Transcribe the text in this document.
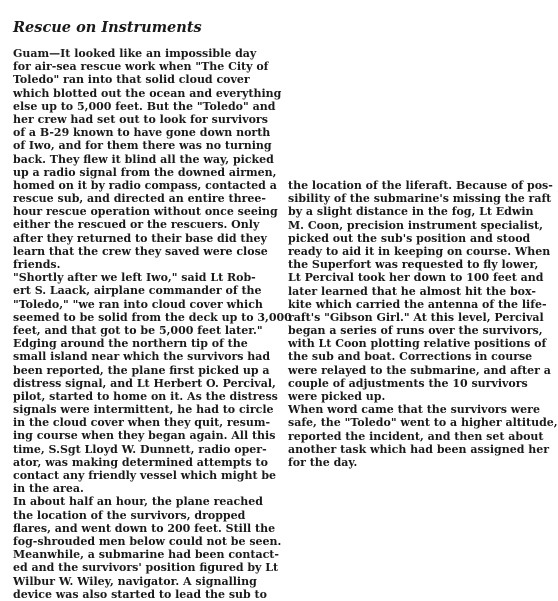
Rescue on Instruments
Guam—It looked like an impossible day
for air-sea rescue work when "The City of
Toledo" ran into that solid cloud cover
which blotted out the ocean and everything
else up to 5,000 feet. But the "Toledo" and
her crew had set out to look for survivors
of a B-29 known to have gone down north
of Iwo, and for them there was no turning
back. They flew it blind all the way, picked
up a radio signal from the downed airmen,
homed on it by radio compass, contacted a
rescue sub, and directed an entire three-
hour rescue operation without once seeing
either the rescued or the rescuers. Only
after they returned to their base did they
learn that the crew they saved were close
friends.
"Shortly after we left Iwo," said Lt Rob-
ert S. Laack, airplane commander of the
"Toledo," "we ran into cloud cover which
seemed to be solid from the deck up to 3,000
feet, and that got to be 5,000 feet later."
Edging around the northern tip of the
small island near which the survivors had
been reported, the plane first picked up a
distress signal, and Lt Herbert O. Percival,
pilot, started to home on it. As the distress
signals were intermittent, he had to circle
in the cloud cover when they quit, resum-
ing course when they began again. All this
time, S.Sgt Lloyd W. Dunnett, radio oper-
ator, was making determined attempts to
contact any friendly vessel which might be
in the area.
In about half an hour, the plane reached
the location of the survivors, dropped
flares, and went down to 200 feet. Still the
fog-shrouded men below could not be seen.
Meanwhile, a submarine had been contact-
ed and the survivors' position figured by Lt
Wilbur W. Wiley, navigator. A signalling
device was also started to lead the sub to
the location of the liferaft. Because of pos-
sibility of the submarine's missing the raft
by a slight distance in the fog, Lt Edwin
M. Coon, precision instrument specialist,
picked out the sub's position and stood
ready to aid it in keeping on course. When
the Superfort was requested to fly lower,
Lt Percival took her down to 100 feet and
later learned that he almost hit the box-
kite which carried the antenna of the life-
raft's "Gibson Girl." At this level, Percival
began a series of runs over the survivors,
with Lt Coon plotting relative positions of
the sub and boat. Corrections in course
were relayed to the submarine, and after a
couple of adjustments the 10 survivors
were picked up.
When word came that the survivors were
safe, the "Toledo" went to a higher altitude,
reported the incident, and then set about
another task which had been assigned her
for the day.
